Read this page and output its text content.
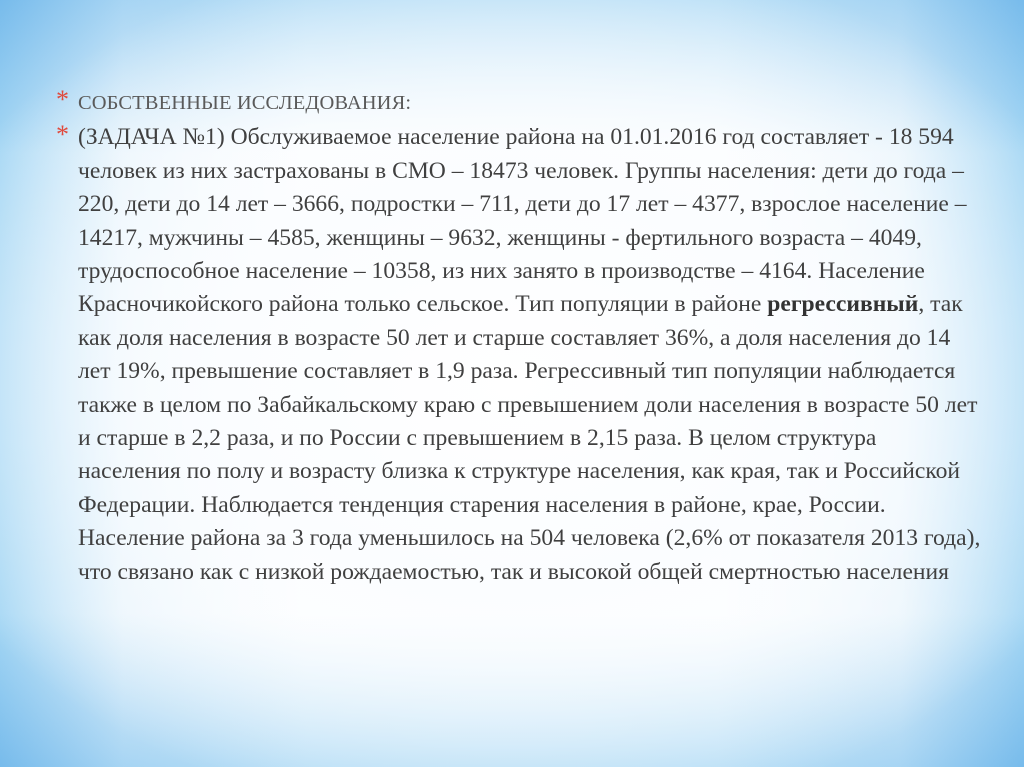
* СОБСТВЕННЫЕ ИССЛЕДОВАНИЯ:
* (ЗАДАЧА №1) Обслуживаемое население района на 01.01.2016 год составляет - 18 594 человек из них застрахованы в СМО – 18473 человек. Группы населения: дети до года – 220, дети до 14 лет – 3666, подростки – 711, дети до 17 лет – 4377, взрослое население – 14217, мужчины – 4585, женщины – 9632, женщины - фертильного возраста – 4049, трудоспособное население – 10358, из них занято в производстве – 4164. Население Красночикойского района только сельское. Тип популяции в районе регрессивный, так как доля населения в возрасте 50 лет и старше составляет 36%, а доля населения до 14 лет 19%, превышение составляет в 1,9 раза. Регрессивный тип популяции наблюдается также в целом по Забайкальскому краю с превышением доли населения в возрасте 50 лет и старше в 2,2 раза, и по России с превышением в 2,15 раза. В целом структура населения по полу и возрасту близка к структуре населения, как края, так и Российской Федерации. Наблюдается тенденция старения населения в районе, крае, России. Население района за 3 года уменьшилось на 504 человека (2,6% от показателя 2013 года), что связано как с низкой рождаемостью, так и высокой общей смертностью населения
